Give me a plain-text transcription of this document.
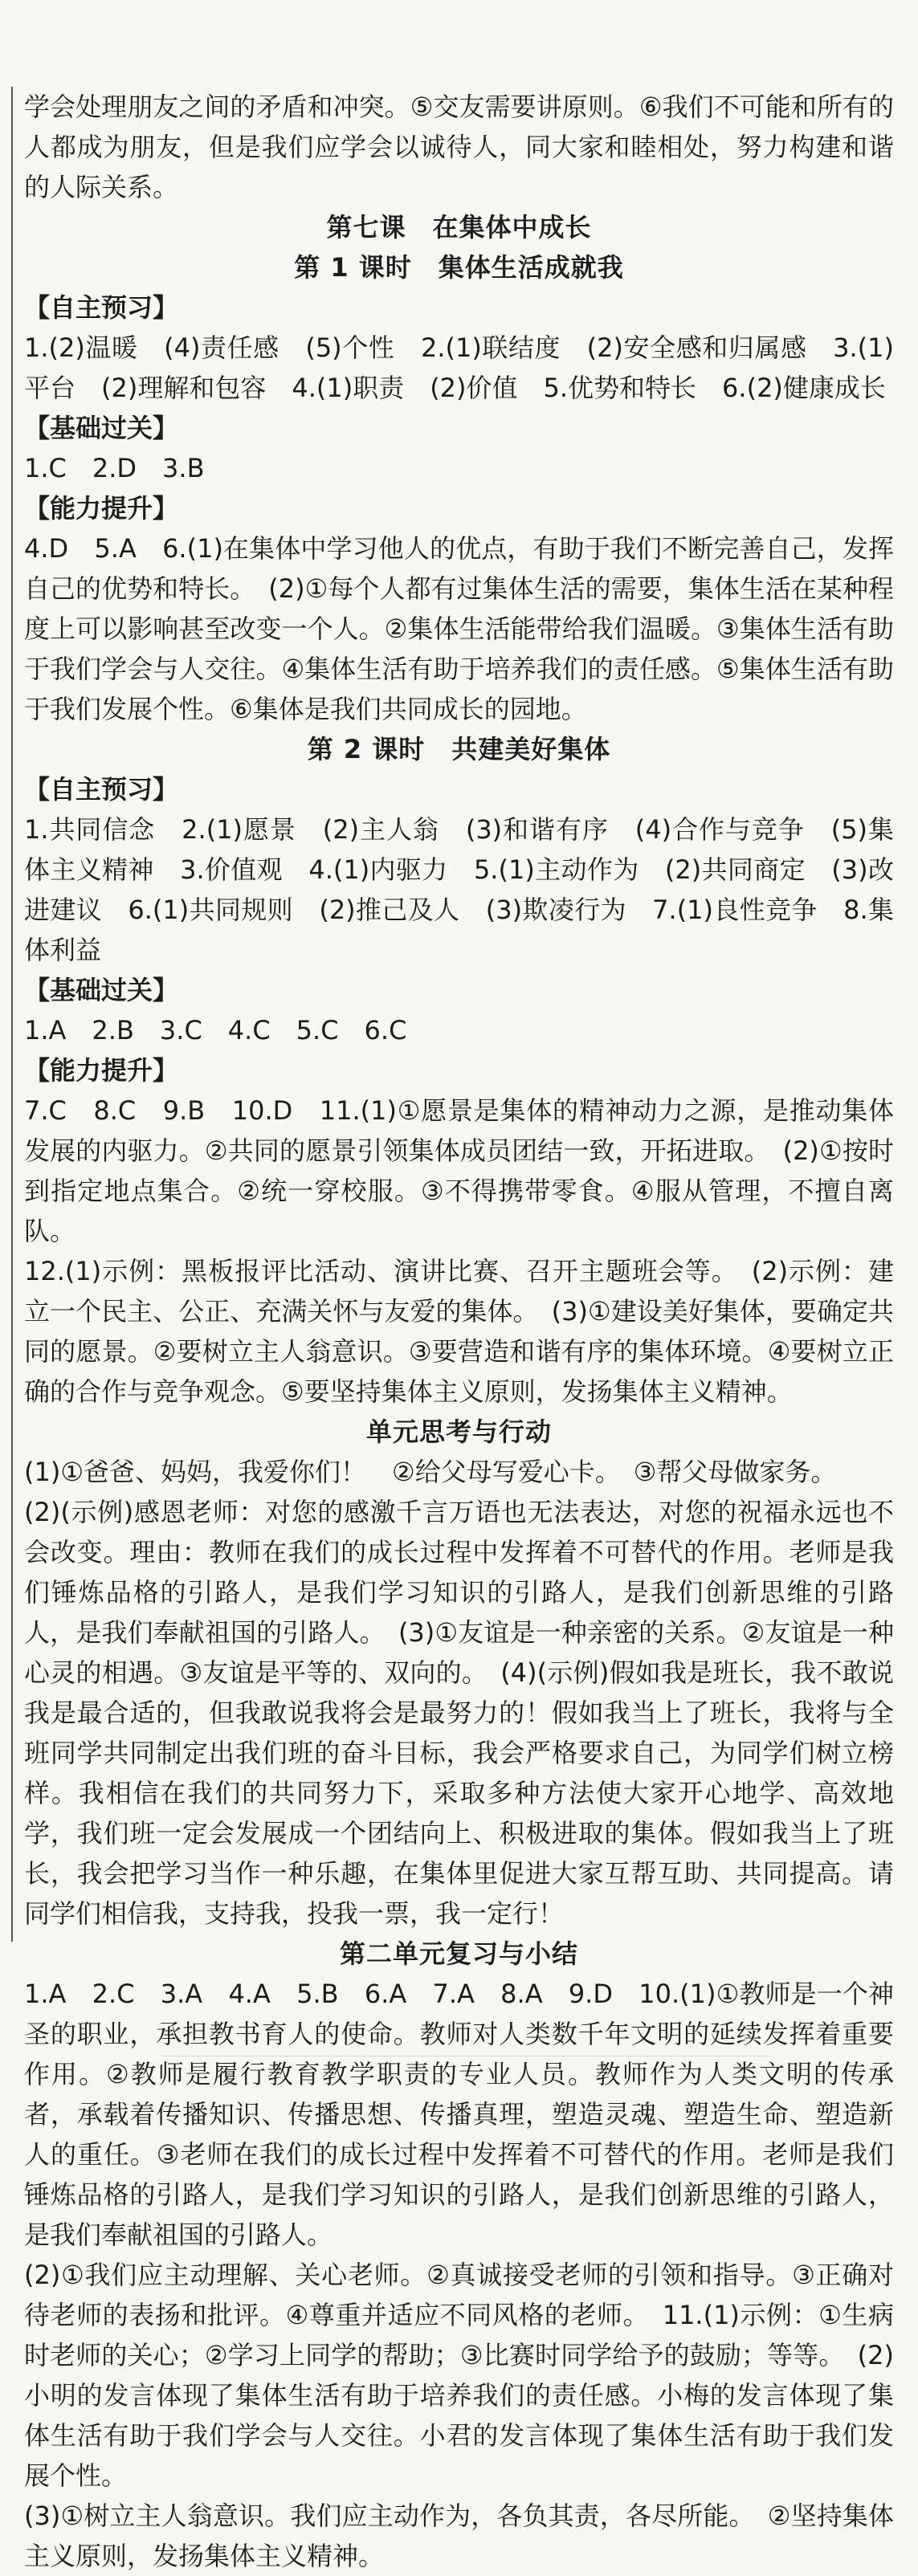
学会处理朋友之间的矛盾和冲突。⑤交友需要讲原则。⑥我们不可能和所有的人都成为朋友，但是我们应学会以诚待人，同大家和睦相处，努力构建和谐的人际关系。

第七课　在集体中成长

第 1 课时　集体生活成就我

【自主预习】

1.(2)温暖　(4)责任感　(5)个性　2.(1)联结度　(2)安全感和归属感　3.(1)平台　(2)理解和包容　4.(1)职责　(2)价值　5.优势和特长　6.(2)健康成长

【基础过关】

1.C　2.D　3.B

【能力提升】

4.D　5.A　6.(1)在集体中学习他人的优点，有助于我们不断完善自己，发挥自己的优势和特长。　(2)①每个人都有过集体生活的需要，集体生活在某种程度上可以影响甚至改变一个人。②集体生活能带给我们温暖。③集体生活有助于我们学会与人交往。④集体生活有助于培养我们的责任感。⑤集体生活有助于我们发展个性。⑥集体是我们共同成长的园地。

第 2 课时　共建美好集体

【自主预习】

1.共同信念　2.(1)愿景　(2)主人翁　(3)和谐有序　(4)合作与竞争　(5)集体主义精神　3.价值观　4.(1)内驱力　5.(1)主动作为　(2)共同商定　(3)改进建议　6.(1)共同规则　(2)推己及人　(3)欺凌行为　7.(1)良性竞争　8.集体利益

【基础过关】

1.A　2.B　3.C　4.C　5.C　6.C

【能力提升】

7.C　8.C　9.B　10.D　11.(1)①愿景是集体的精神动力之源，是推动集体发展的内驱力。②共同的愿景引领集体成员团结一致，开拓进取。　(2)①按时到指定地点集合。②统一穿校服。③不得携带零食。④服从管理，不擅自离队。

12.(1)示例：黑板报评比活动、演讲比赛、召开主题班会等。　(2)示例：建立一个民主、公正、充满关怀与友爱的集体。　(3)①建设美好集体，要确定共同的愿景。②要树立主人翁意识。③要营造和谐有序的集体环境。④要树立正确的合作与竞争观念。⑤要坚持集体主义原则，发扬集体主义精神。

单元思考与行动

(1)①爸爸、妈妈，我爱你们！　②给父母写爱心卡。　③帮父母做家务。

(2)(示例)感恩老师：对您的感激千言万语也无法表达，对您的祝福永远也不会改变。理由：教师在我们的成长过程中发挥着不可替代的作用。老师是我们锤炼品格的引路人，是我们学习知识的引路人，是我们创新思维的引路人，是我们奉献祖国的引路人。　(3)①友谊是一种亲密的关系。②友谊是一种心灵的相遇。③友谊是平等的、双向的。　(4)(示例)假如我是班长，我不敢说我是最合适的，但我敢说我将会是最努力的！假如我当上了班长，我将与全班同学共同制定出我们班的奋斗目标，我会严格要求自己，为同学们树立榜样。我相信在我们的共同努力下，采取多种方法使大家开心地学、高效地学，我们班一定会发展成一个团结向上、积极进取的集体。假如我当上了班长，我会把学习当作一种乐趣，在集体里促进大家互帮互助、共同提高。请同学们相信我，支持我，投我一票，我一定行！

第二单元复习与小结

1.A　2.C　3.A　4.A　5.B　6.A　7.A　8.A　9.D　10.(1)①教师是一个神圣的职业，承担教书育人的使命。教师对人类数千年文明的延续发挥着重要作用。②教师是履行教育教学职责的专业人员。教师作为人类文明的传承者，承载着传播知识、传播思想、传播真理，塑造灵魂、塑造生命、塑造新人的重任。③老师在我们的成长过程中发挥着不可替代的作用。老师是我们锤炼品格的引路人，是我们学习知识的引路人，是我们创新思维的引路人，是我们奉献祖国的引路人。

(2)①我们应主动理解、关心老师。②真诚接受老师的引领和指导。③正确对待老师的表扬和批评。④尊重并适应不同风格的老师。　11.(1)示例：①生病时老师的关心；②学习上同学的帮助；③比赛时同学给予的鼓励；等等。　(2)小明的发言体现了集体生活有助于培养我们的责任感。小梅的发言体现了集体生活有助于我们学会与人交往。小君的发言体现了集体生活有助于我们发展个性。

(3)①树立主人翁意识。我们应主动作为，各负其责，各尽所能。　②坚持集体主义原则，发扬集体主义精神。
